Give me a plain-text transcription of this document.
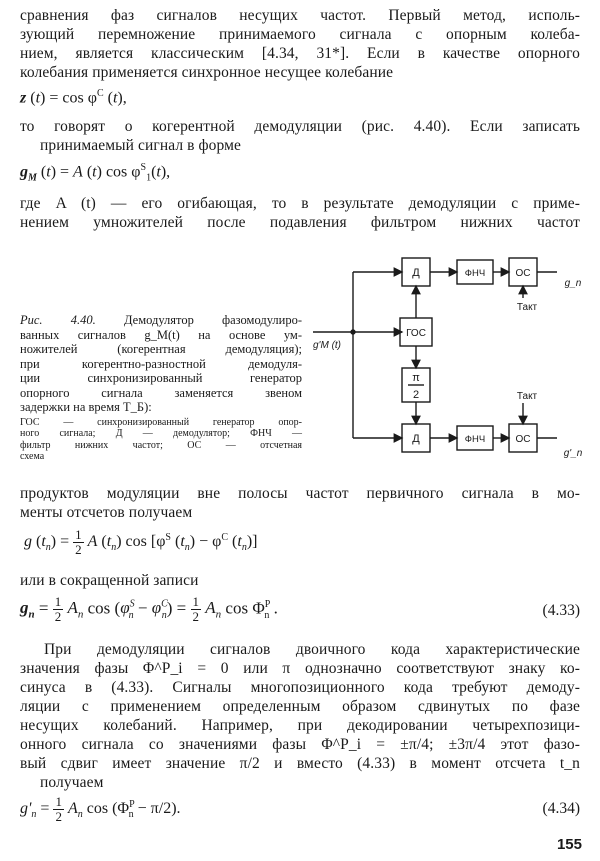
сравнения фаз сигналов несущих частот. Первый метод, исполь-
зующий перемножение принимаемого сигнала с опорным колеба-
нием, является классическим [4.34, 31*]. Если в качестве опорного
колебания применяется синхронное несущее колебание
z $(t) = \cos \varphi^C$ (t),
то говорят о когерентной демодуляции (рис. 4.40). Если записать
принимаемый сигнал в форме
$g_M$ (t) = A (t) $\cos \varphi^S_1(t)$,
где A (t) — его огибающая, то в результате демодуляции с приме-
нением умножителей после подавления фильтром нижних частот
Рис. 4.40. Демодулятор фазомодулиро-
ванных сигналов g_M(t) на основе ум-
ножителей (когерентная демодуляция);
при когерентно-разностной демодуля-
ции синхронизированный генератор
опорного сигнала заменяется звеном
задержки на время T_Б):
ГОС — синхронизированный генератор опор-
ного сигнала; Д — демодулятор; ФНЧ —
фильтр нижних частот; ОС — отсчетная
схема
Д	ФНЧ	ОС
ГОС
π
2
Д	ФНЧ	ОС
Такт
Такт
g_n
g'_n
g'M (t)
продуктов модуляции вне полосы частот первичного сигнала в мо-
менты отсчетов получаем
g $(t_n) = \frac{1}{2}$ A $(t_n)$ $\cos [\varphi^S$ $(t_n) - \varphi^C$ $(t_n)$]
или в сокращенной записи
$g_n = \frac{1}{2} A_n$ $\cos (\varphi^S_n - \varphi^C_n) = \frac{1}{2} A_n$ $\cos \Phi^P_n$ .	(4.33)
При демодуляции сигналов двоичного кода характеристические
значения фазы Φ^P_i = 0 или π однозначно соответствуют знаку ко-
синуса в (4.33). Сигналы многопозиционного кода требуют демоду-
ляции с применением определенным образом сдвинутых по фазе
несущих колебаний. Например, при декодировании четырехпозици-
онного сигнала со значениями фазы Φ^P_i = ±π/4; ±3π/4 этот фазо-
вый сдвиг имеет значение π/2 и вместо (4.33) в момент отсчета t_n
получаем
$g'_n = \frac{1}{2} A_n$ $\cos (\Phi^P_n - \pi/2)$.	(4.34)
155
